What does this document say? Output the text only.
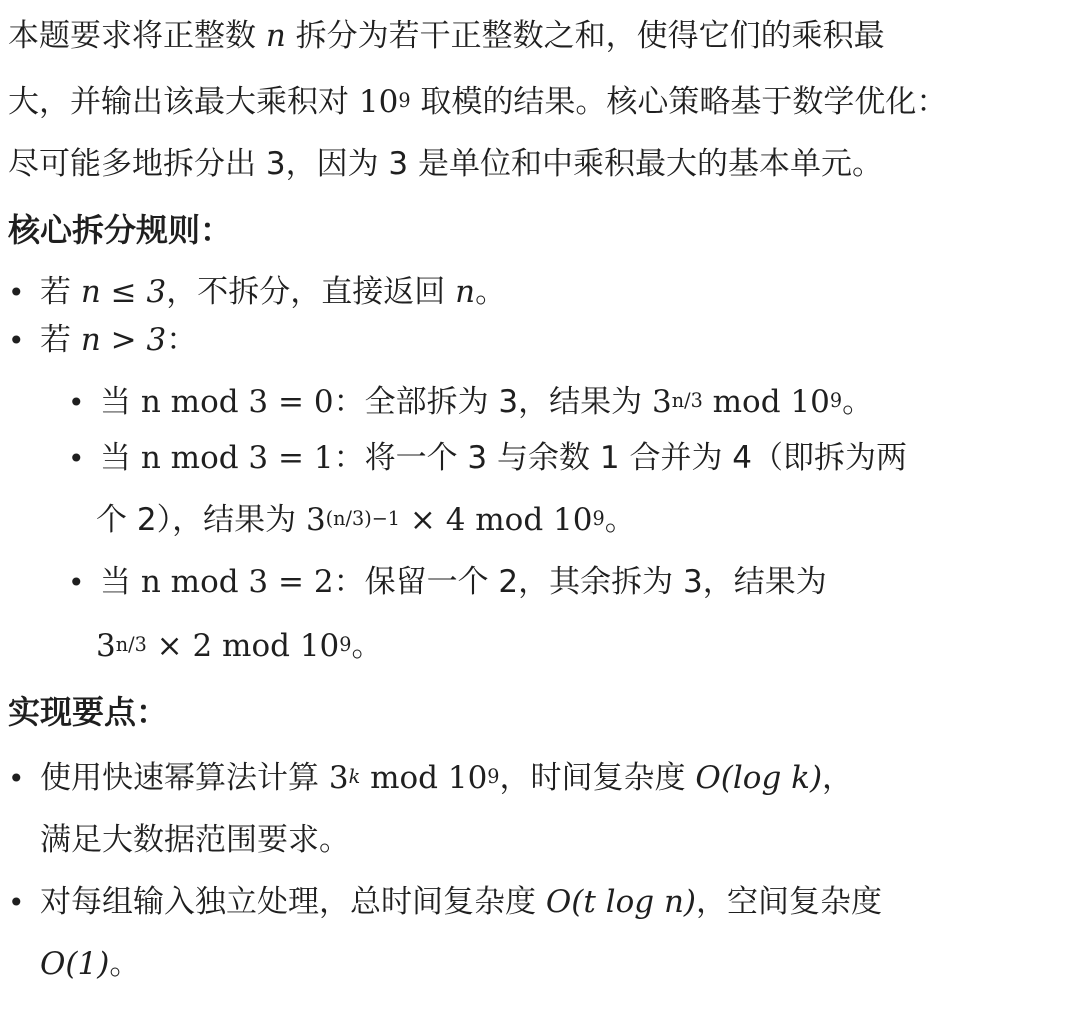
本题要求将正整数 n 拆分为若干正整数之和，使得它们的乘积最
大，并输出该最大乘积对 $10^9$ 取模的结果。核心策略基于数学优化：
尽可能多地拆分出 3，因为 3 是单位和中乘积最大的基本单元。
核心拆分规则：
• 若 n ≤ 3，不拆分，直接返回 n。
• 若 n > 3：
• 当 n mod 3 = 0：全部拆为 3，结果为 $3^{n/3}$ mod $10^9$。
• 当 n mod 3 = 1：将一个 3 与余数 1 合并为 4（即拆为两
个 2），结果为 $3^{(n/3)-1} \times 4$ mod $10^9$。
• 当 n mod 3 = 2：保留一个 2，其余拆为 3，结果为
$3^{n/3} \times 2$ mod $10^9$。
实现要点：
• 使用快速幂算法计算 3$^k$ mod $10^9$，时间复杂度 O(log k)，
满足大数据范围要求。
• 对每组输入独立处理，总时间复杂度 O(t log n)，空间复杂度
O(1)。
